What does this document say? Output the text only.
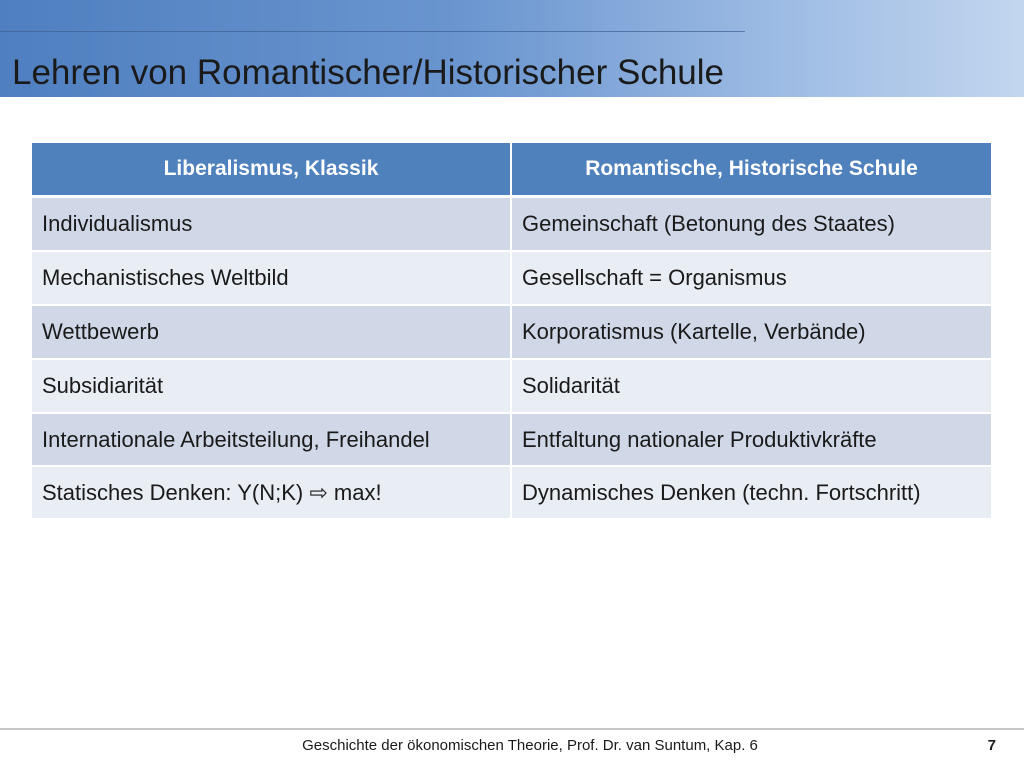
Lehren von Romantischer/Historischer Schule
Liberalismus, Klassik	Romantische, Historische Schule
Individualismus	Gemeinschaft (Betonung des Staates)
Mechanistisches Weltbild	Gesellschaft = Organismus
Wettbewerb	Korporatismus (Kartelle, Verbände)
Subsidiarität	Solidarität
Internationale Arbeitsteilung, Freihandel	Entfaltung nationaler Produktivkräfte
Statisches Denken: Y(N;K) ⇨ max!	Dynamisches Denken (techn. Fortschritt)
Geschichte der ökonomischen Theorie, Prof. Dr. van Suntum, Kap. 6	7
